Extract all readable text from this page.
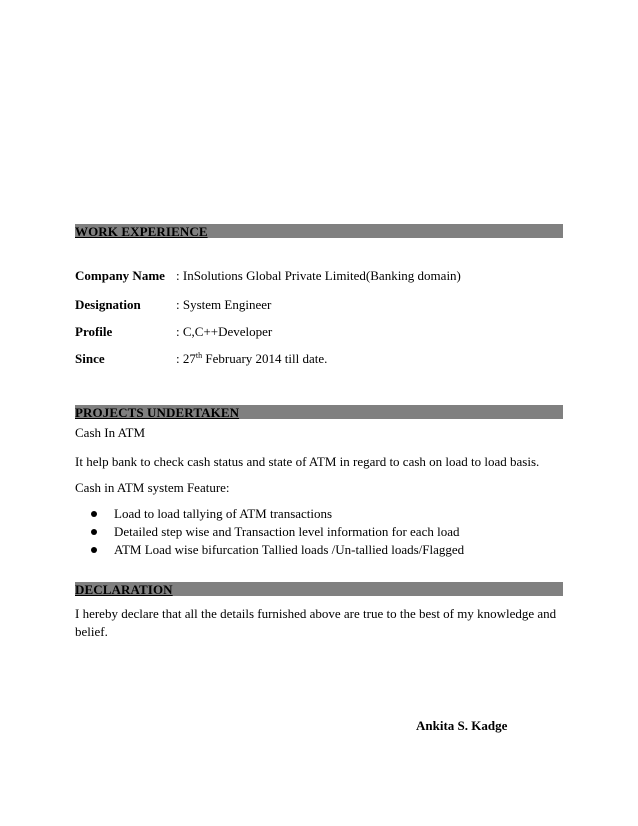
WORK EXPERIENCE
Company Name : InSolutions Global Private Limited(Banking domain)
Designation	: System Engineer
Profile	: C,C++Developer
Since	: 27th February 2014 till date.
PROJECTS UNDERTAKEN
Cash In ATM
It help bank to check cash status and state of ATM in regard to cash on load to load basis.
Cash in ATM system Feature:
Load to load tallying of ATM transactions
Detailed step wise and Transaction level information for each load
ATM Load wise bifurcation Tallied loads /Un-tallied loads/Flagged
DECLARATION
I hereby declare that all the details furnished above are true to the best of my knowledge and belief.
Ankita S. Kadge
